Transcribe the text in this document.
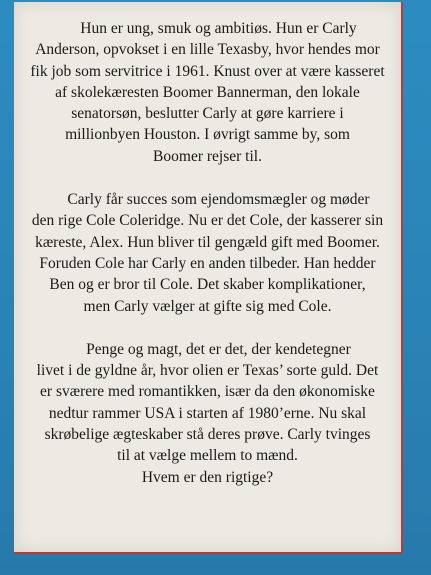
Hun er ung, smuk og ambitiøs. Hun er Carly
Anderson, opvokset i en lille Texasby, hvor hendes mor
fik job som servitrice i 1961. Knust over at være kasseret
af skolekæresten Boomer Bannerman, den lokale
senatorsøn, beslutter Carly at gøre karriere i
millionbyen Houston. I øvrigt samme by, som
Boomer rejser til.

Carly får succes som ejendomsmægler og møder
den rige Cole Coleridge. Nu er det Cole, der kasserer sin
kæreste, Alex. Hun bliver til gengæld gift med Boomer.
Foruden Cole har Carly en anden tilbeder. Han hedder
Ben og er bror til Cole. Det skaber komplikationer,
men Carly vælger at gifte sig med Cole.

Penge og magt, det er det, der kendetegner
livet i de gyldne år, hvor olien er Texas’ sorte guld. Det
er sværere med romantikken, især da den økonomiske
nedtur rammer USA i starten af 1980’erne. Nu skal
skrøbelige ægteskaber stå deres prøve. Carly tvinges
til at vælge mellem to mænd.
Hvem er den rigtige?
